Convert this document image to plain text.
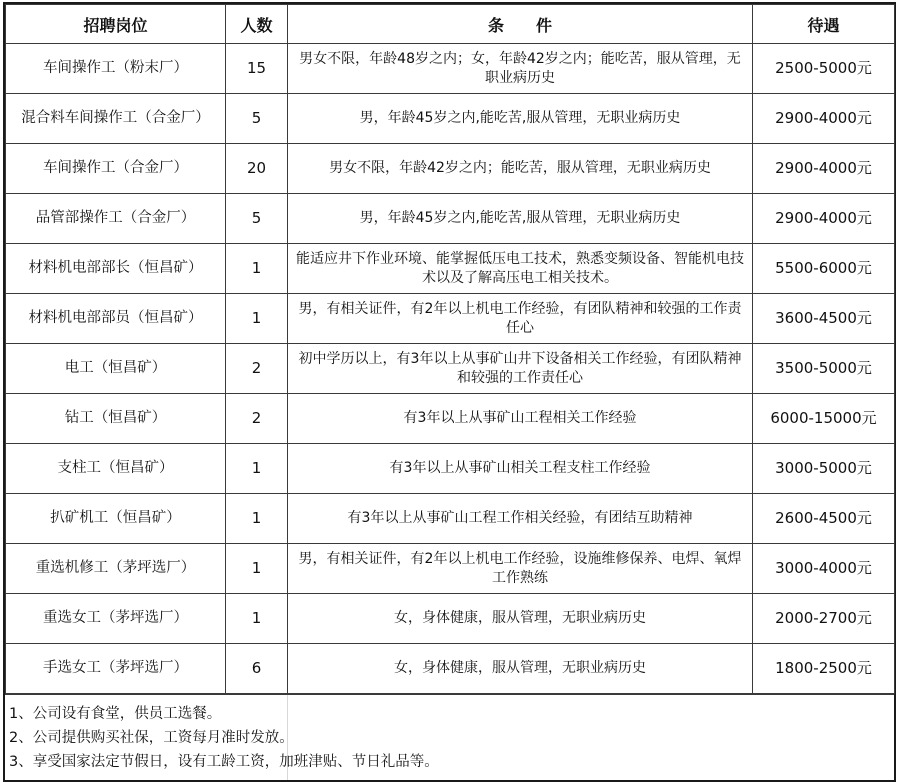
招聘岗位	人数	条　　件	待遇
车间操作工（粉末厂）	15	男女不限，年龄48岁之内；女，年龄42岁之内；能吃苦，服从管理，无职业病历史	2500-5000元
混合料车间操作工（合金厂）	5	男，年龄45岁之内,能吃苦,服从管理，无职业病历史	2900-4000元
车间操作工（合金厂）	20	男女不限，年龄42岁之内；能吃苦，服从管理，无职业病历史	2900-4000元
品管部操作工（合金厂）	5	男，年龄45岁之内,能吃苦,服从管理，无职业病历史	2900-4000元
材料机电部部长（恒昌矿）	1	能适应井下作业环境、能掌握低压电工技术，熟悉变频设备、智能机电技术以及了解高压电工相关技术。	5500-6000元
材料机电部部员（恒昌矿）	1	男，有相关证件，有2年以上机电工作经验，有团队精神和较强的工作责任心	3600-4500元
电工（恒昌矿）	2	初中学历以上，有3年以上从事矿山井下设备相关工作经验，有团队精神和较强的工作责任心	3500-5000元
钻工（恒昌矿）	2	有3年以上从事矿山工程相关工作经验	6000-15000元
支柱工（恒昌矿）	1	有3年以上从事矿山相关工程支柱工作经验	3000-5000元
扒矿机工（恒昌矿）	1	有3年以上从事矿山工程工作相关经验，有团结互助精神	2600-4500元
重选机修工（茅坪选厂）	1	男，有相关证件，有2年以上机电工作经验，设施维修保养、电焊、氧焊工作熟练	3000-4000元
重选女工（茅坪选厂）	1	女，身体健康，服从管理，无职业病历史	2000-2700元
手选女工（茅坪选厂）	6	女，身体健康，服从管理，无职业病历史	1800-2500元
1、公司设有食堂，供员工选餐。
2、公司提供购买社保，工资每月准时发放。
3、享受国家法定节假日，设有工龄工资，加班津贴、节日礼品等。
